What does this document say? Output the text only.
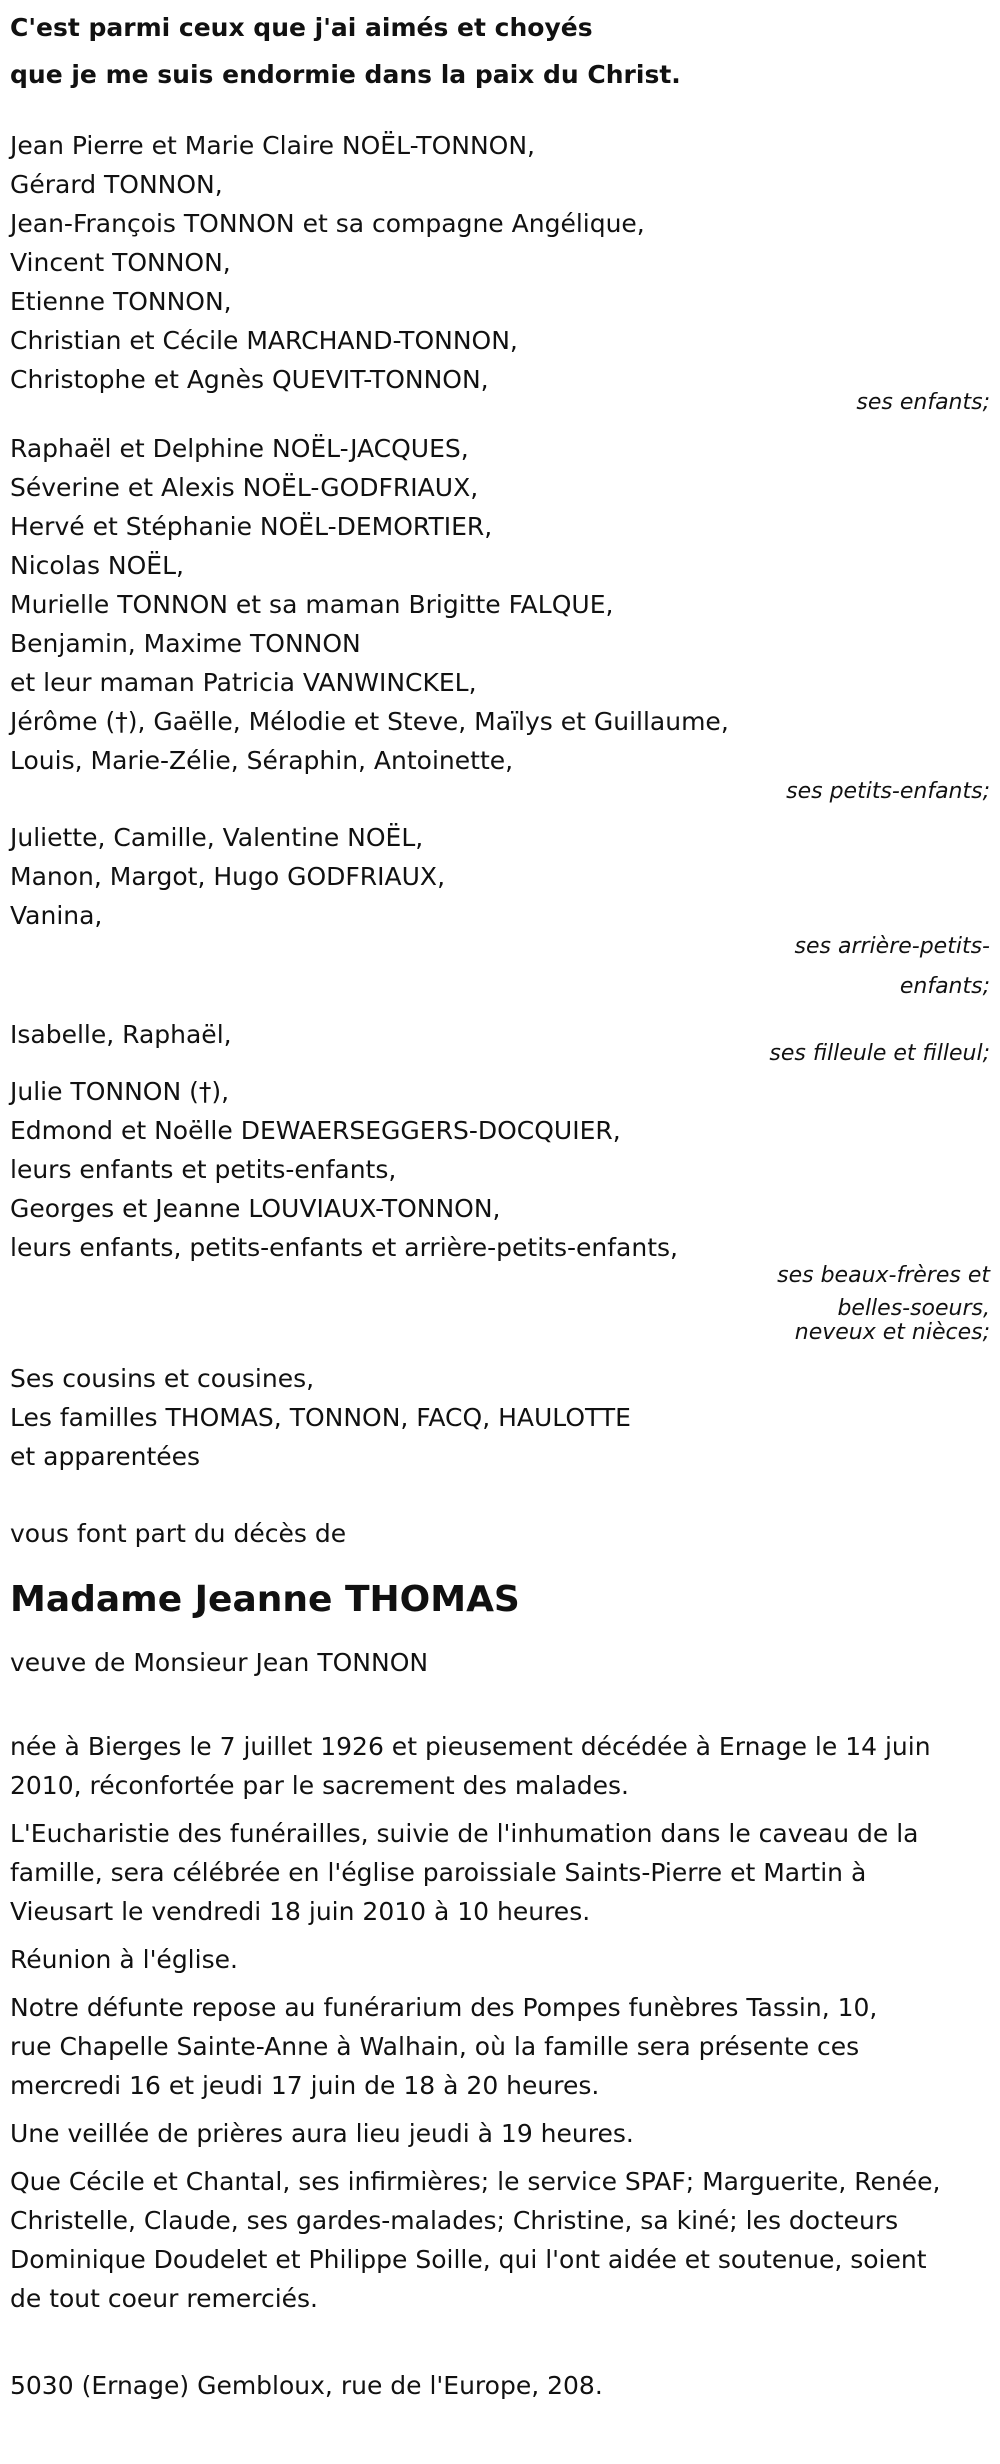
C'est parmi ceux que j'ai aimés et choyés
que je me suis endormie dans la paix du Christ.
Jean Pierre et Marie Claire NOËL-TONNON,
Gérard TONNON,
Jean-François TONNON et sa compagne Angélique,
Vincent TONNON,
Etienne TONNON,
Christian et Cécile MARCHAND-TONNON,
Christophe et Agnès QUEVIT-TONNON,
ses enfants;
Raphaël et Delphine NOËL-JACQUES,
Séverine et Alexis NOËL-GODFRIAUX,
Hervé et Stéphanie NOËL-DEMORTIER,
Nicolas NOËL,
Murielle TONNON et sa maman Brigitte FALQUE,
Benjamin, Maxime TONNON
et leur maman Patricia VANWINCKEL,
Jérôme (†), Gaëlle, Mélodie et Steve, Maïlys et Guillaume,
Louis, Marie-Zélie, Séraphin, Antoinette,
ses petits-enfants;
Juliette, Camille, Valentine NOËL,
Manon, Margot, Hugo GODFRIAUX,
Vanina,
ses arrière-petits-
enfants;
Isabelle, Raphaël,
ses filleule et filleul;
Julie TONNON (†),
Edmond et Noëlle DEWAERSEGGERS-DOCQUIER,
leurs enfants et petits-enfants,
Georges et Jeanne LOUVIAUX-TONNON,
leurs enfants, petits-enfants et arrière-petits-enfants,
ses beaux-frères et
belles-soeurs,
neveux et nièces;
Ses cousins et cousines,
Les familles THOMAS, TONNON, FACQ, HAULOTTE
et apparentées
vous font part du décès de
Madame Jeanne THOMAS
veuve de Monsieur Jean TONNON
née à Bierges le 7 juillet 1926 et pieusement décédée à Ernage le 14 juin
2010, réconfortée par le sacrement des malades.
L'Eucharistie des funérailles, suivie de l'inhumation dans le caveau de la
famille, sera célébrée en l'église paroissiale Saints-Pierre et Martin à
Vieusart le vendredi 18 juin 2010 à 10 heures.
Réunion à l'église.
Notre défunte repose au funérarium des Pompes funèbres Tassin, 10,
rue Chapelle Sainte-Anne à Walhain, où la famille sera présente ces
mercredi 16 et jeudi 17 juin de 18 à 20 heures.
Une veillée de prières aura lieu jeudi à 19 heures.
Que Cécile et Chantal, ses infirmières; le service SPAF; Marguerite, Renée,
Christelle, Claude, ses gardes-malades; Christine, sa kiné; les docteurs
Dominique Doudelet et Philippe Soille, qui l'ont aidée et soutenue, soient
de tout coeur remerciés.
5030 (Ernage) Gembloux, rue de l'Europe, 208.
